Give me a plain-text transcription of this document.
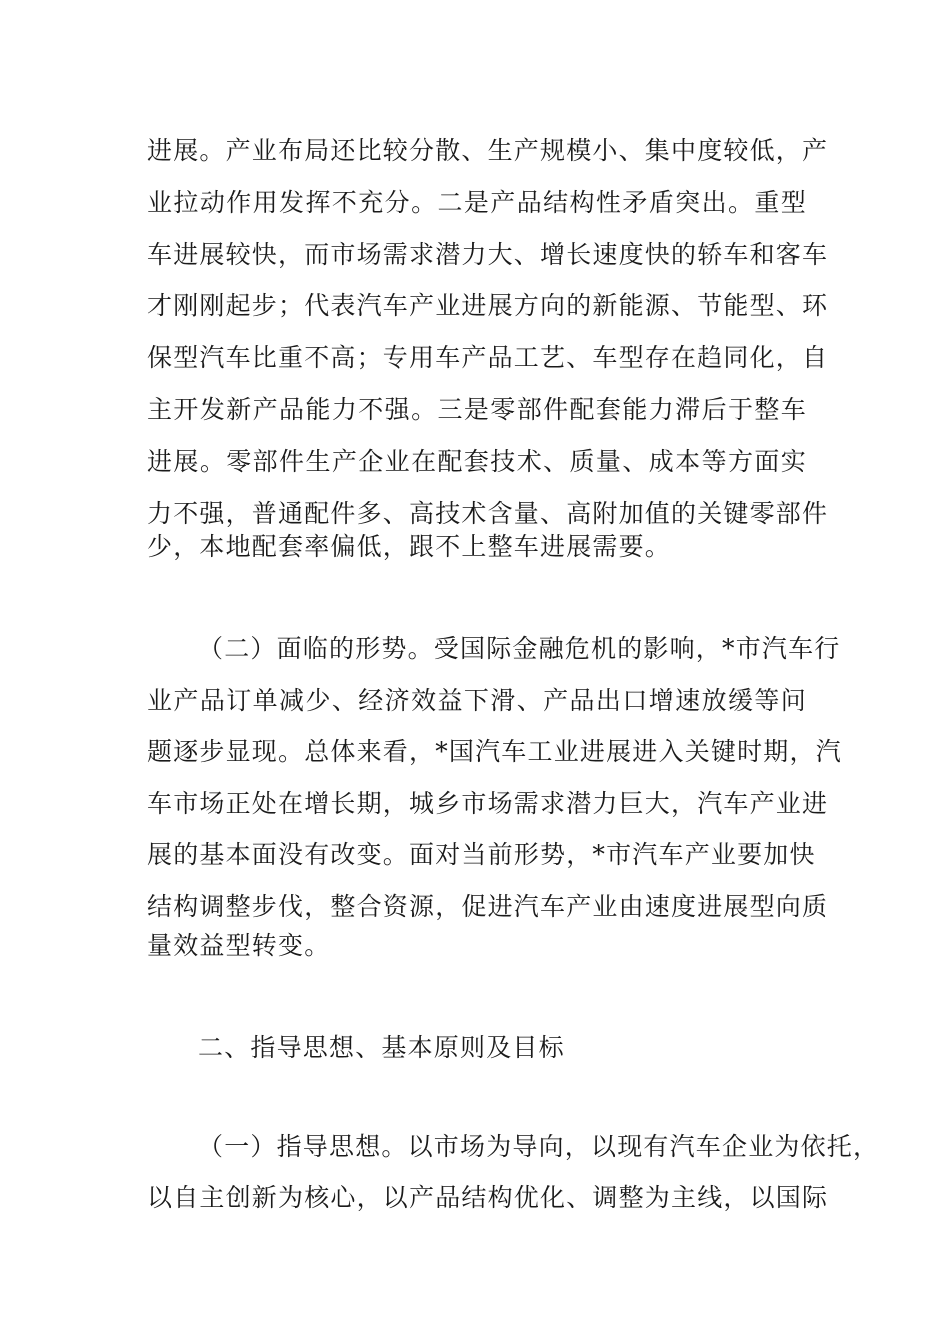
进展。产业布局还比较分散、生产规模小、集中度较低，产
业拉动作用发挥不充分。二是产品结构性矛盾突出。重型
车进展较快，而市场需求潜力大、增长速度快的轿车和客车
才刚刚起步；代表汽车产业进展方向的新能源、节能型、环
保型汽车比重不高；专用车产品工艺、车型存在趋同化，自
主开发新产品能力不强。三是零部件配套能力滞后于整车
进展。零部件生产企业在配套技术、质量、成本等方面实
力不强，普通配件多、高技术含量、高附加值的关键零部件
少，本地配套率偏低，跟不上整车进展需要。
（二）面临的形势。受国际金融危机的影响，*市汽车行
业产品订单减少、经济效益下滑、产品出口增速放缓等问
题逐步显现。总体来看，*国汽车工业进展进入关键时期，汽
车市场正处在增长期，城乡市场需求潜力巨大，汽车产业进
展的基本面没有改变。面对当前形势，*市汽车产业要加快
结构调整步伐，整合资源，促进汽车产业由速度进展型向质
量效益型转变。
二、指导思想、基本原则及目标
（一）指导思想。以市场为导向，以现有汽车企业为依托，
以自主创新为核心，以产品结构优化、调整为主线，以国际
